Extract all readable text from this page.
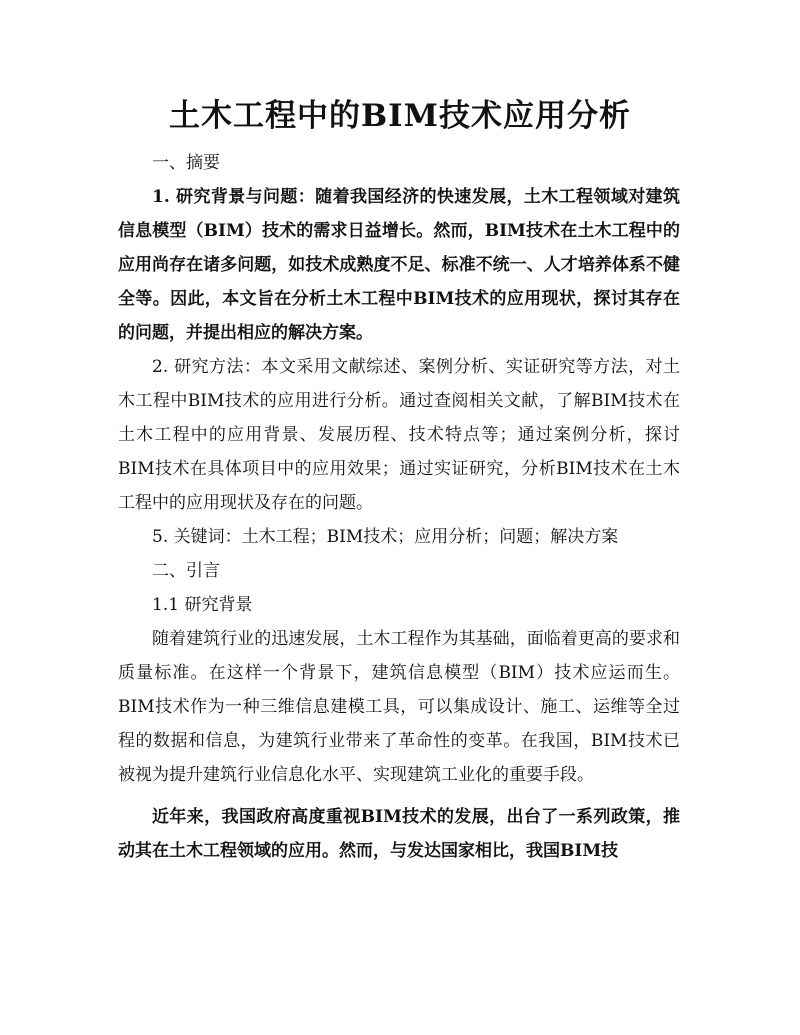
土木工程中的BIM技术应用分析

一、摘要

1. 研究背景与问题：随着我国经济的快速发展，土木工程领域对建筑信息模型（BIM）技术的需求日益增长。然而，BIM技术在土木工程中的应用尚存在诸多问题，如技术成熟度不足、标准不统一、人才培养体系不健全等。因此，本文旨在分析土木工程中BIM技术的应用现状，探讨其存在的问题，并提出相应的解决方案。

2. 研究方法：本文采用文献综述、案例分析、实证研究等方法，对土木工程中BIM技术的应用进行分析。通过查阅相关文献，了解BIM技术在土木工程中的应用背景、发展历程、技术特点等；通过案例分析，探讨BIM技术在具体项目中的应用效果；通过实证研究，分析BIM技术在土木工程中的应用现状及存在的问题。

5. 关键词：土木工程；BIM技术；应用分析；问题；解决方案

二、引言

1.1 研究背景

随着建筑行业的迅速发展，土木工程作为其基础，面临着更高的要求和质量标准。在这样一个背景下，建筑信息模型（BIM）技术应运而生。BIM技术作为一种三维信息建模工具，可以集成设计、施工、运维等全过程的数据和信息，为建筑行业带来了革命性的变革。在我国，BIM技术已被视为提升建筑行业信息化水平、实现建筑工业化的重要手段。

近年来，我国政府高度重视BIM技术的发展，出台了一系列政策，推动其在土木工程领域的应用。然而，与发达国家相比，我国BIM技
